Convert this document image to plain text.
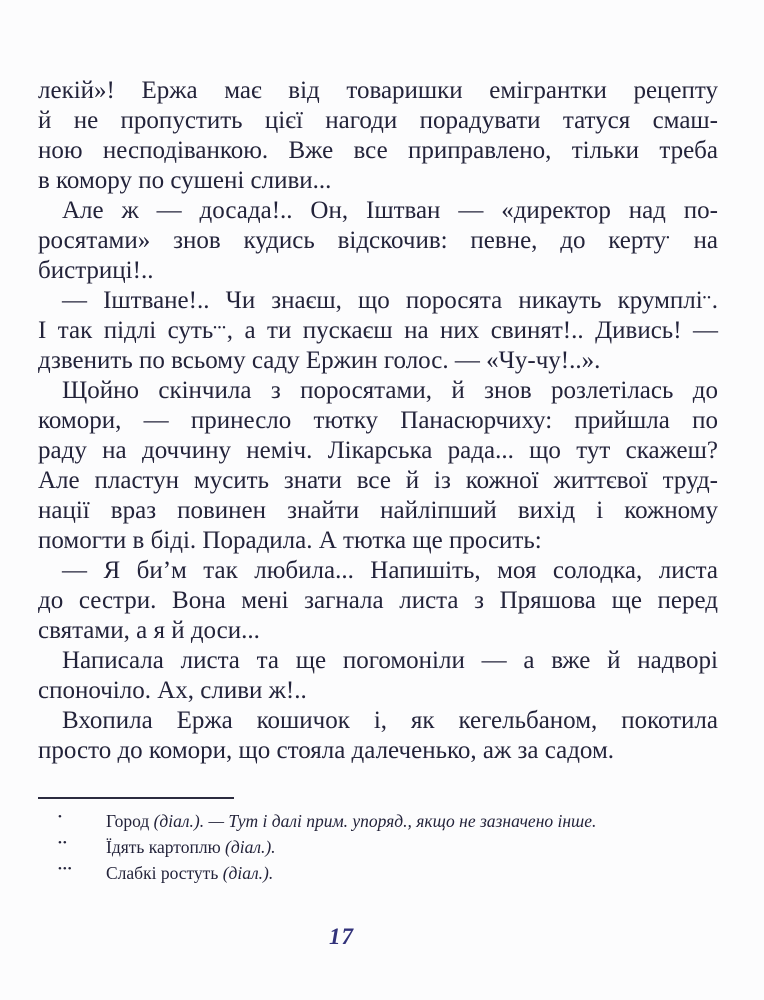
лекій»! Ержа має від товаришки емігрантки рецепту
й не пропустить цієї нагоди порадувати татуся смаш-
ною несподіванкою. Вже все приправлено, тільки треба
в комору по сушені сливи...
Але ж — досада!.. Он, Іштван — «директор над по-
росятами» знов кудись відскочив: певне, до керту• на
бистриці!..
— Іштване!.. Чи знаєш, що поросята никауть крумплі••.
І так підлі суть•••, а ти пускаєш на них свинят!.. Дивись! —
дзвенить по всьому саду Ержин голос. — «Чу-чу!..».
Щойно скінчила з поросятами, й знов розлетілась до
комори, — принесло тютку Панасюрчиху: прийшла по
раду на доччину неміч. Лікарська рада... що тут скажеш?
Але пластун мусить знати все й із кожної життєвої труд-
нації враз повинен знайти найліпший вихід і кожному
помогти в біді. Порадила. А тютка ще просить:
— Я би’м так любила... Напишіть, моя солодка, листа
до сестри. Вона мені загнала листа з Пряшова ще перед
святами, а я й доси...
Написала листа та ще погомоніли — а вже й надворі
споночіло. Ах, сливи ж!..
Вхопила Ержа кошичок і, як кегельбаном, покотила
просто до комори, що стояла далеченько, аж за садом.
• Город (діал.). — Тут і далі прим. упоряд., якщо не зазначено інше.
•• Їдять картоплю (діал.).
••• Слабкі ростуть (діал.).
17
